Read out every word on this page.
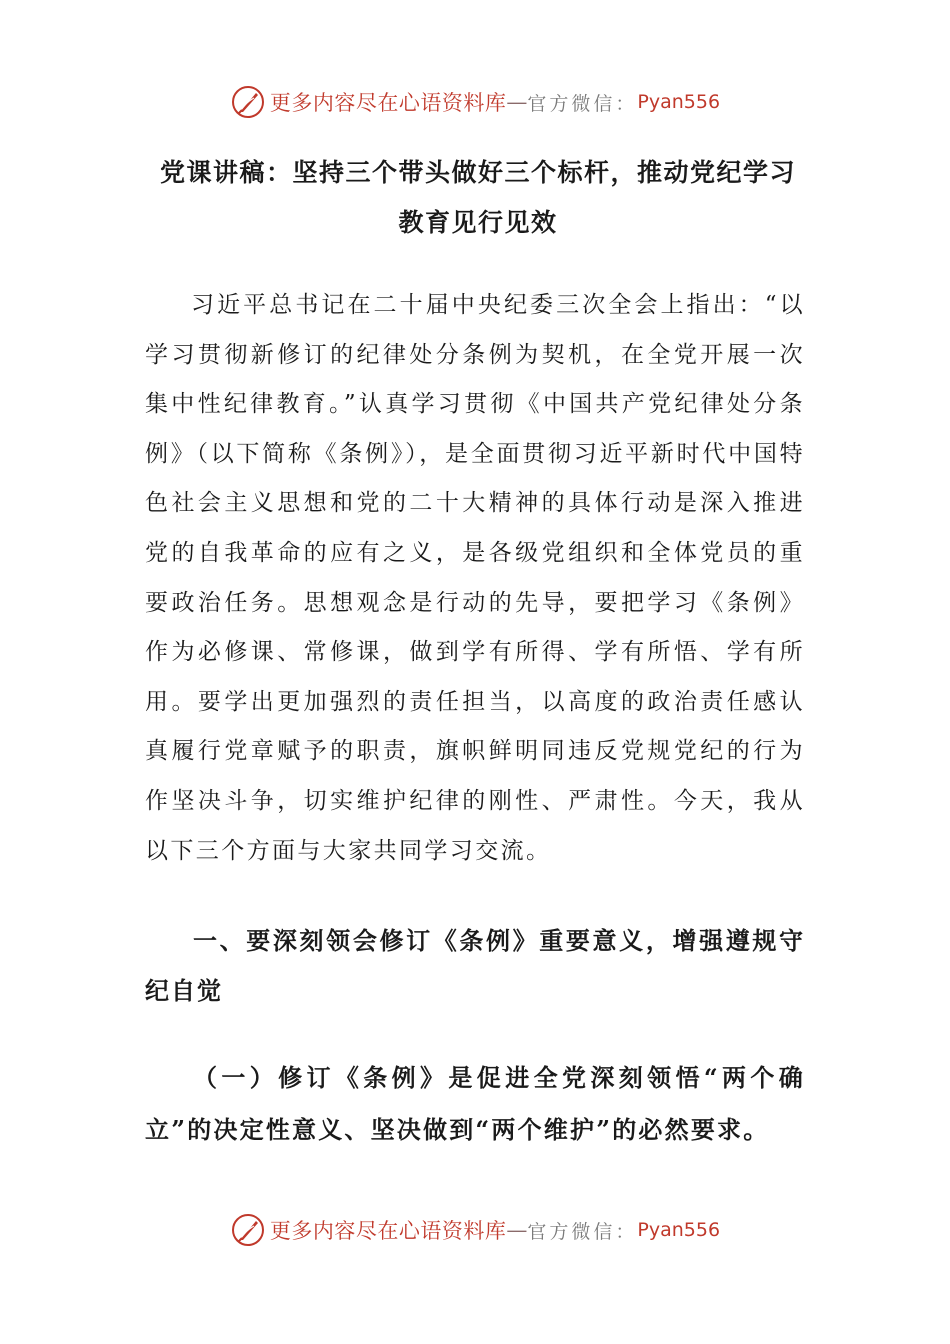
更多内容尽在心语资料库 — 官方微信： Pyan556
党课讲稿：坚持三个带头做好三个标杆，推动党纪学习教育见行见效
习近平总书记在二十届中央纪委三次全会上指出：“以学习贯彻新修订的纪律处分条例为契机，在全党开展一次集中性纪律教育。”认真学习贯彻《中国共产党纪律处分条例》（以下简称《条例》），是全面贯彻习近平新时代中国特色社会主义思想和党的二十大精神的具体行动是深入推进党的自我革命的应有之义，是各级党组织和全体党员的重要政治任务。思想观念是行动的先导，要把学习《条例》作为必修课、常修课，做到学有所得、学有所悟、学有所用。要学出更加强烈的责任担当，以高度的政治责任感认真履行党章赋予的职责，旗帜鲜明同违反党规党纪的行为作坚决斗争，切实维护纪律的刚性、严肃性。今天，我从以下三个方面与大家共同学习交流。
一、要深刻领会修订《条例》重要意义，增强遵规守纪自觉
（一）修订《条例》是促进全党深刻领悟“两个确立”的决定性意义、坚决做到“两个维护”的必然要求。
更多内容尽在心语资料库 — 官方微信： Pyan556
